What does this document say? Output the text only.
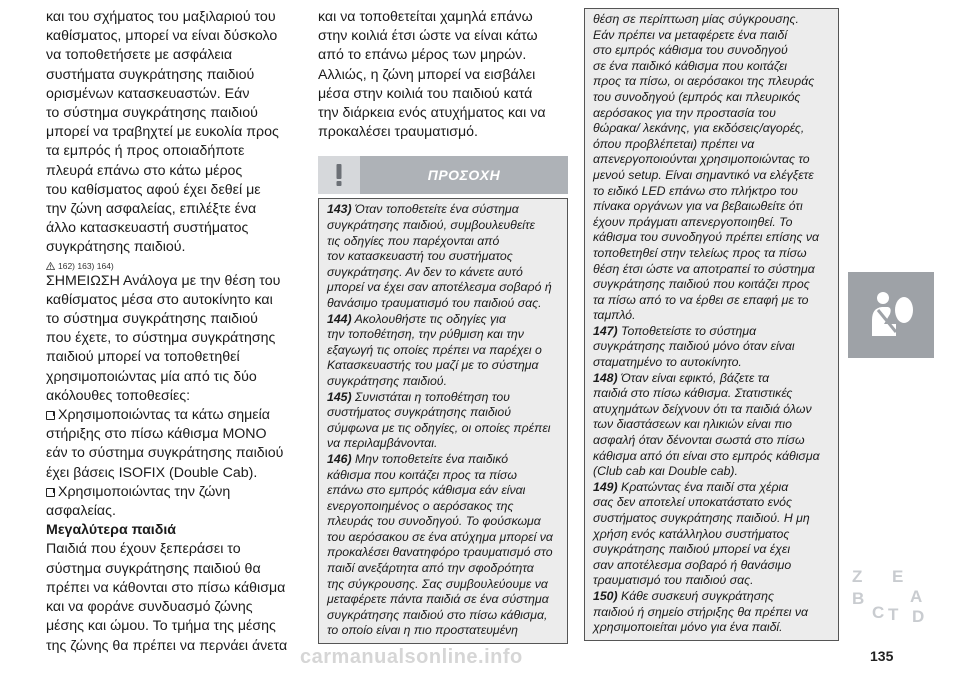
και του σχήματος του μαξιλαριού του

καθίσματος, μπορεί να είναι δύσκολο

να τοποθετήσετε με ασφάλεια

συστήματα συγκράτησης παιδιού

ορισμένων κατασκευαστών. Εάν

το σύστημα συγκράτησης παιδιού

μπορεί να τραβηχτεί με ευκολία προς

τα εμπρός ή προς οποιαδήποτε

πλευρά επάνω στο κάτω μέρος

του καθίσματος αφού έχει δεθεί με

την ζώνη ασφαλείας, επιλέξτε ένα

άλλο κατασκευαστή συστήματος

συγκράτησης παιδιού.

162) 163) 164)

ΣΗΜΕΙΩΣΗ Ανάλογα με την θέση του

καθίσματος μέσα στο αυτοκίνητο και

το σύστημα συγκράτησης παιδιού

που έχετε, το σύστημα συγκράτησης

παιδιού μπορεί να τοποθετηθεί

χρησιμοποιώντας μία από τις δύο

ακόλουθες τοποθεσίες:

Χρησιμοποιώντας τα κάτω σημεία

στήριξης στο πίσω κάθισμα MONO

εάν το σύστημα συγκράτησης παιδιού

έχει βάσεις ISOFIX (Double Cab).

Χρησιμοποιώντας την ζώνη

ασφαλείας.

Μεγαλύτερα παιδιά

Παιδιά που έχουν ξεπεράσει το

σύστημα συγκράτησης παιδιού θα

πρέπει να κάθονται στο πίσω κάθισμα

και να φοράνε συνδυασμό ζώνης

μέσης και ώμου. Το τμήμα της μέσης

της ζώνης θα πρέπει να περνάει άνετα

και να τοποθετείται χαμηλά επάνω

στην κοιλιά έτσι ώστε να είναι κάτω

από το επάνω μέρος των μηρών.

Αλλιώς, η ζώνη μπορεί να εισβάλει

μέσα στην κοιλιά του παιδιού κατά

την διάρκεια ενός ατυχήματος και να

προκαλέσει τραυματισμό.

ΠΡΟΣΟΧΗ

143) Όταν τοποθετείτε ένα σύστημα

συγκράτησης παιδιού, συμβουλευθείτε

τις οδηγίες που παρέχονται από

τον κατασκευαστή του συστήματος

συγκράτησης. Αν δεν το κάνετε αυτό

μπορεί να έχει σαν αποτέλεσμα σοβαρό ή

θανάσιμο τραυματισμό του παιδιού σας.

144) Ακολουθήστε τις οδηγίες για

την τοποθέτηση, την ρύθμιση και την

εξαγωγή τις οποίες πρέπει να παρέχει ο

Κατασκευαστής του μαζί με το σύστημα

συγκράτησης παιδιού.

145) Συνιστάται η τοποθέτηση του

συστήματος συγκράτησης παιδιού

σύμφωνα με τις οδηγίες, οι οποίες πρέπει

να περιλαμβάνονται.

146) Μην τοποθετείτε ένα παιδικό

κάθισμα που κοιτάζει προς τα πίσω

επάνω στο εμπρός κάθισμα εάν είναι

ενεργοποιημένος ο αερόσακος της

πλευράς του συνοδηγού. Το φούσκωμα

του αερόσακου σε ένα ατύχημα μπορεί να

προκαλέσει θανατηφόρο τραυματισμό στο

παιδί ανεξάρτητα από την σφοδρότητα

της σύγκρουσης. Σας συμβουλεύουμε να

μεταφέρετε πάντα παιδιά σε ένα σύστημα

συγκράτησης παιδιού στο πίσω κάθισμα,

το οποίο είναι η πιο προστατευμένη

θέση σε περίπτωση μίας σύγκρουσης.

Εάν πρέπει να μεταφέρετε ένα παιδί

στο εμπρός κάθισμα του συνοδηγού

σε ένα παιδικό κάθισμα που κοιτάζει

προς τα πίσω, οι αερόσακοι της πλευράς

του συνοδηγού (εμπρός και πλευρικός

αερόσακος για την προστασία του

θώρακα/ λεκάνης, για εκδόσεις/αγορές,

όπου προβλέπεται) πρέπει να

απενεργοποιούνται χρησιμοποιώντας το

μενού setup. Είναι σημαντικό να ελέγξετε

το ειδικό LED επάνω στο πλήκτρο του

πίνακα οργάνων για να βεβαιωθείτε ότι

έχουν πράγματι απενεργοποιηθεί. Το

κάθισμα του συνοδηγού πρέπει επίσης να

τοποθετηθεί στην τελείως προς τα πίσω

θέση έτσι ώστε να αποτραπεί το σύστημα

συγκράτησης παιδιού που κοιτάζει προς

τα πίσω από το να έρθει σε επαφή με το

ταμπλό.

147) Τοποθετείστε το σύστημα

συγκράτησης παιδιού μόνο όταν είναι

σταματημένο το αυτοκίνητο.

148) Όταν είναι εφικτό, βάζετε τα

παιδιά στο πίσω κάθισμα. Στατιστικές

ατυχημάτων δείχνουν ότι τα παιδιά όλων

των διαστάσεων και ηλικιών είναι πιο

ασφαλή όταν δένονται σωστά στο πίσω

κάθισμα από ότι είναι στο εμπρός κάθισμα

(Club cab και Double cab).

149) Κρατώντας ένα παιδί στα χέρια

σας δεν αποτελεί υποκατάστατο ενός

συστήματος συγκράτησης παιδιού. Η μη

χρήση ενός κατάλληλου συστήματος

συγκράτησης παιδιού μπορεί να έχει

σαν αποτέλεσμα σοβαρό ή θανάσιμο

τραυματισμό του παιδιού σας.

150) Κάθε συσκευή συγκράτησης

παιδιού ή σημείο στήριξης θα πρέπει να

χρησιμοποιείται μόνο για ένα παιδί.

Z E
B
C T
A
D
carmanualsonline.info	135
